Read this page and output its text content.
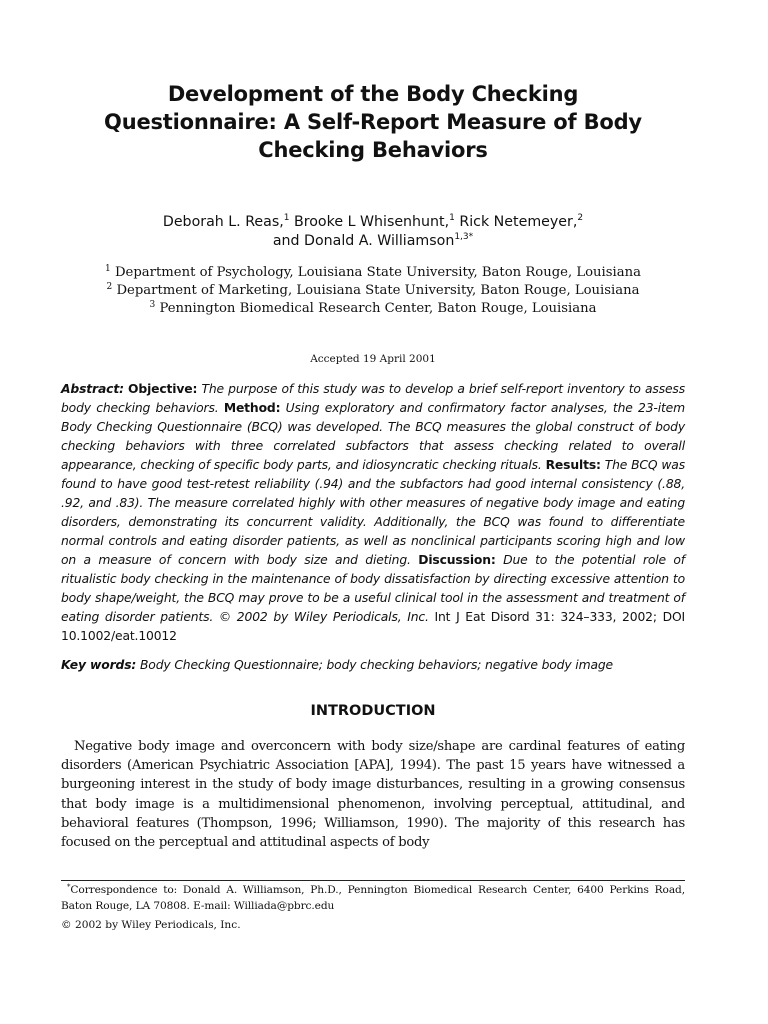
Development of the Body Checking
Questionnaire: A Self-Report Measure of Body
Checking Behaviors
Deborah L. Reas,$^1$ Brooke L Whisenhunt,$^1$ Rick Netemeyer,$^2$
and Donald A. Williamson$^{1,3*}$
$^1$ Department of Psychology, Louisiana State University, Baton Rouge, Louisiana
$^2$ Department of Marketing, Louisiana State University, Baton Rouge, Louisiana
$^3$ Pennington Biomedical Research Center, Baton Rouge, Louisiana
Accepted 19 April 2001
Abstract: Objective: The purpose of this study was to develop a brief self-report inventory to assess body checking behaviors. Method: Using exploratory and confirmatory factor analyses, the 23-item Body Checking Questionnaire (BCQ) was developed. The BCQ measures the global construct of body checking behaviors with three correlated subfactors that assess checking related to overall appearance, checking of specific body parts, and idiosyncratic checking rituals. Results: The BCQ was found to have good test-retest reliability (.94) and the subfactors had good internal consistency (.88, .92, and .83). The measure correlated highly with other measures of negative body image and eating disorders, demonstrating its concurrent validity. Additionally, the BCQ was found to differentiate normal controls and eating disorder patients, as well as nonclinical participants scoring high and low on a measure of concern with body size and dieting. Discussion: Due to the potential role of ritualistic body checking in the maintenance of body dissatisfaction by directing excessive attention to body shape/weight, the BCQ may prove to be a useful clinical tool in the assessment and treatment of eating disorder patients. © 2002 by Wiley Periodicals, Inc. Int J Eat Disord 31: 324–333, 2002; DOI 10.1002/eat.10012
Key words: Body Checking Questionnaire; body checking behaviors; negative body image
INTRODUCTION
Negative body image and overconcern with body size/shape are cardinal features of eating disorders (American Psychiatric Association [APA], 1994). The past 15 years have witnessed a burgeoning interest in the study of body image disturbances, resulting in a growing consensus that body image is a multidimensional phenomenon, involving perceptual, attitudinal, and behavioral features (Thompson, 1996; Williamson, 1990). The majority of this research has focused on the perceptual and attitudinal aspects of body
*Correspondence to: Donald A. Williamson, Ph.D., Pennington Biomedical Research Center, 6400 Perkins Road, Baton Rouge, LA 70808. E-mail: Williada@pbrc.edu
© 2002 by Wiley Periodicals, Inc.
